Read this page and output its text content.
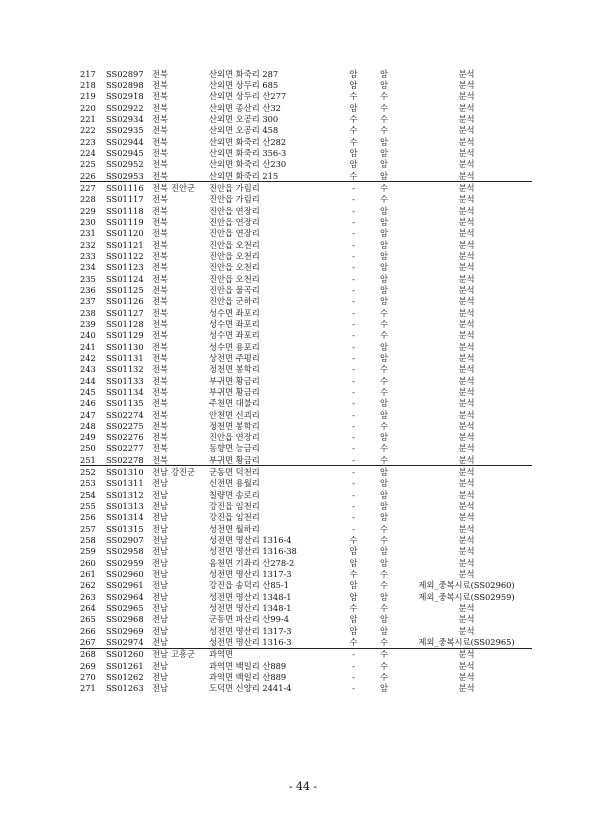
217	SS02897	전북		산외면 화죽리 287	암	암	분석
218	SS02898	전북		산외면 상두리 685	암	암	분석
219	SS02918	전북		산외면 상두리 산277	수	수	분석
220	SS02922	전북		산외면 종산리 산32	암	수	분석
221	SS02934	전북		산외면 오공리 300	수	수	분석
222	SS02935	전북		산외면 오공리 458	수	수	분석
223	SS02944	전북		산외면 화죽리 산282	수	암	분석
224	SS02945	전북		산외면 화죽리 356-3	암	암	분석
225	SS02952	전북		산외면 화죽리 산230	암	암	분석
226	SS02953	전북		산외면 화죽리 215	수	암	분석
227	SS01116	전북	진안군	진안읍 가림리	-	수	분석
228	SS01117	전북		진안읍 가림리	-	수	분석
229	SS01118	전북		진안읍 연장리	-	암	분석
230	SS01119	전북		진안읍 연장리	-	암	분석
231	SS01120	전북		진안읍 연장리	-	암	분석
232	SS01121	전북		진안읍 오천리	-	암	분석
233	SS01122	전북		진안읍 오천리	-	암	분석
234	SS01123	전북		진안읍 오천리	-	암	분석
235	SS01124	전북		진안읍 오천리	-	암	분석
236	SS01125	전북		진안읍 물곡리	-	암	분석
237	SS01126	전북		진안읍 군하리	-	암	분석
238	SS01127	전북		성수면 좌포리	-	수	분석
239	SS01128	전북		성수면 좌포리	-	수	분석
240	SS01129	전북		성수면 좌포리	-	수	분석
241	SS01130	전북		성수면 용포리	-	암	분석
242	SS01131	전북		상전면 주평리	-	암	분석
243	SS01132	전북		정천면 봉학리	-	수	분석
244	SS01133	전북		부귀면 황금리	-	수	분석
245	SS01134	전북		부귀면 황금리	-	수	분석
246	SS01135	전북		주천면 대불리	-	암	분석
247	SS02274	전북		안천면 신괴리	-	암	분석
248	SS02275	전북		정천면 봉학리	-	수	분석
249	SS02276	전북		진안읍 연장리	-	암	분석
250	SS02277	전북		동향면 능금리	-	수	분석
251	SS02278	전북		부귀면 황금리	-	수	분석
252	SS01310	전남	강진군	군동면 덕천리	-	암	분석
253	SS01311	전남		신전면 용월리	-	암	분석
254	SS01312	전남		칠량면 송로리	-	암	분석
255	SS01313	전남		강진읍 임천리	-	암	분석
256	SS01314	전남		강진읍 임천리	-	암	분석
257	SS01315	전남		성전면 월하리	-	수	분석
258	SS02907	전남		성전면 명산리 1316-4	수	수	분석
259	SS02958	전남		성전면 명산리 1316-38	암	암	분석
260	SS02959	전남		옴천면 기좌리 산278-2	암	암	분석
261	SS02960	전남		성전면 명산리 1317-3	수	수	분석
262	SS02961	전남		강진읍 송덕리 산85-1	암	수	제외_중복시료(SS02960)
263	SS02964	전남		성전면 명산리 1348-1	암	암	제외_중복시료(SS02959)
264	SS02965	전남		성전면 명산리 1348-1	수	수	분석
265	SS02968	전남		군동면 파산리 산99-4	암	암	분석
266	SS02969	전남		성전면 명산리 1317-3	암	암	분석
267	SS02974	전남		성전면 명산리 1316-3	수	수	제외_중복시료(SS02965)
268	SS01260	전남	고흥군	과역면	-	수	분석
269	SS01261	전남		과역면 백일리 산889	-	수	분석
270	SS01262	전남		과역면 백일리 산889	-	수	분석
271	SS01263	전남		도덕면 신양리 2441-4	-	암	분석
- 44 -
